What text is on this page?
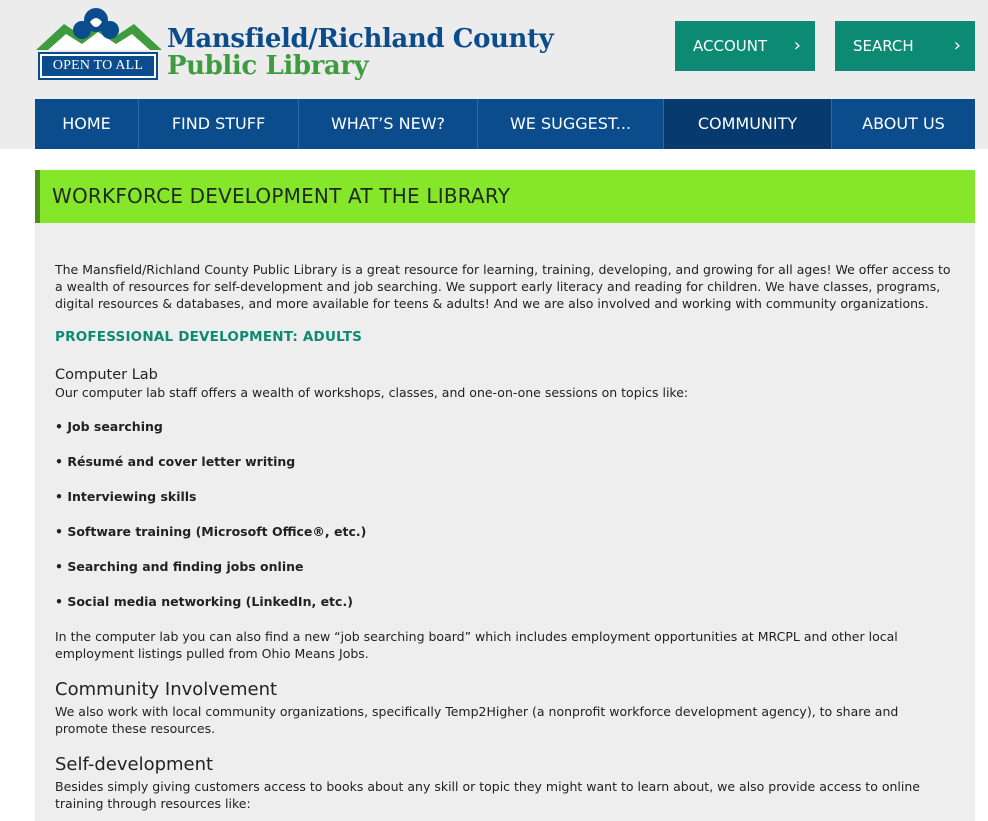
OPEN TO ALL
Mansfield/Richland County
Public Library
ACCOUNT ›	SEARCH ›
HOME	FIND STUFF	WHAT’S NEW?	WE SUGGEST...	COMMUNITY	ABOUT US
WORKFORCE DEVELOPMENT AT THE LIBRARY

The Mansfield/Richland County Public Library is a great resource for learning, training, developing, and growing for all ages! We offer access to a wealth of resources for self-development and job searching. We support early literacy and reading for children. We have classes, programs, digital resources & databases, and more available for teens & adults! And we are also involved and working with community organizations.

PROFESSIONAL DEVELOPMENT: ADULTS
Computer Lab

Our computer lab staff offers a wealth of workshops, classes, and one-on-one sessions on topics like:

• Job searching
• Résumé and cover letter writing
• Interviewing skills
• Software training (Microsoft Office®, etc.)
• Searching and finding jobs online
• Social media networking (LinkedIn, etc.)

In the computer lab you can also find a new “job searching board” which includes employment opportunities at MRCPL and other local employment listings pulled from Ohio Means Jobs.

Community Involvement

We also work with local community organizations, specifically Temp2Higher (a nonprofit workforce development agency), to share and promote these resources.

Self-development

Besides simply giving customers access to books about any skill or topic they might want to learn about, we also provide access to online training through resources like:
